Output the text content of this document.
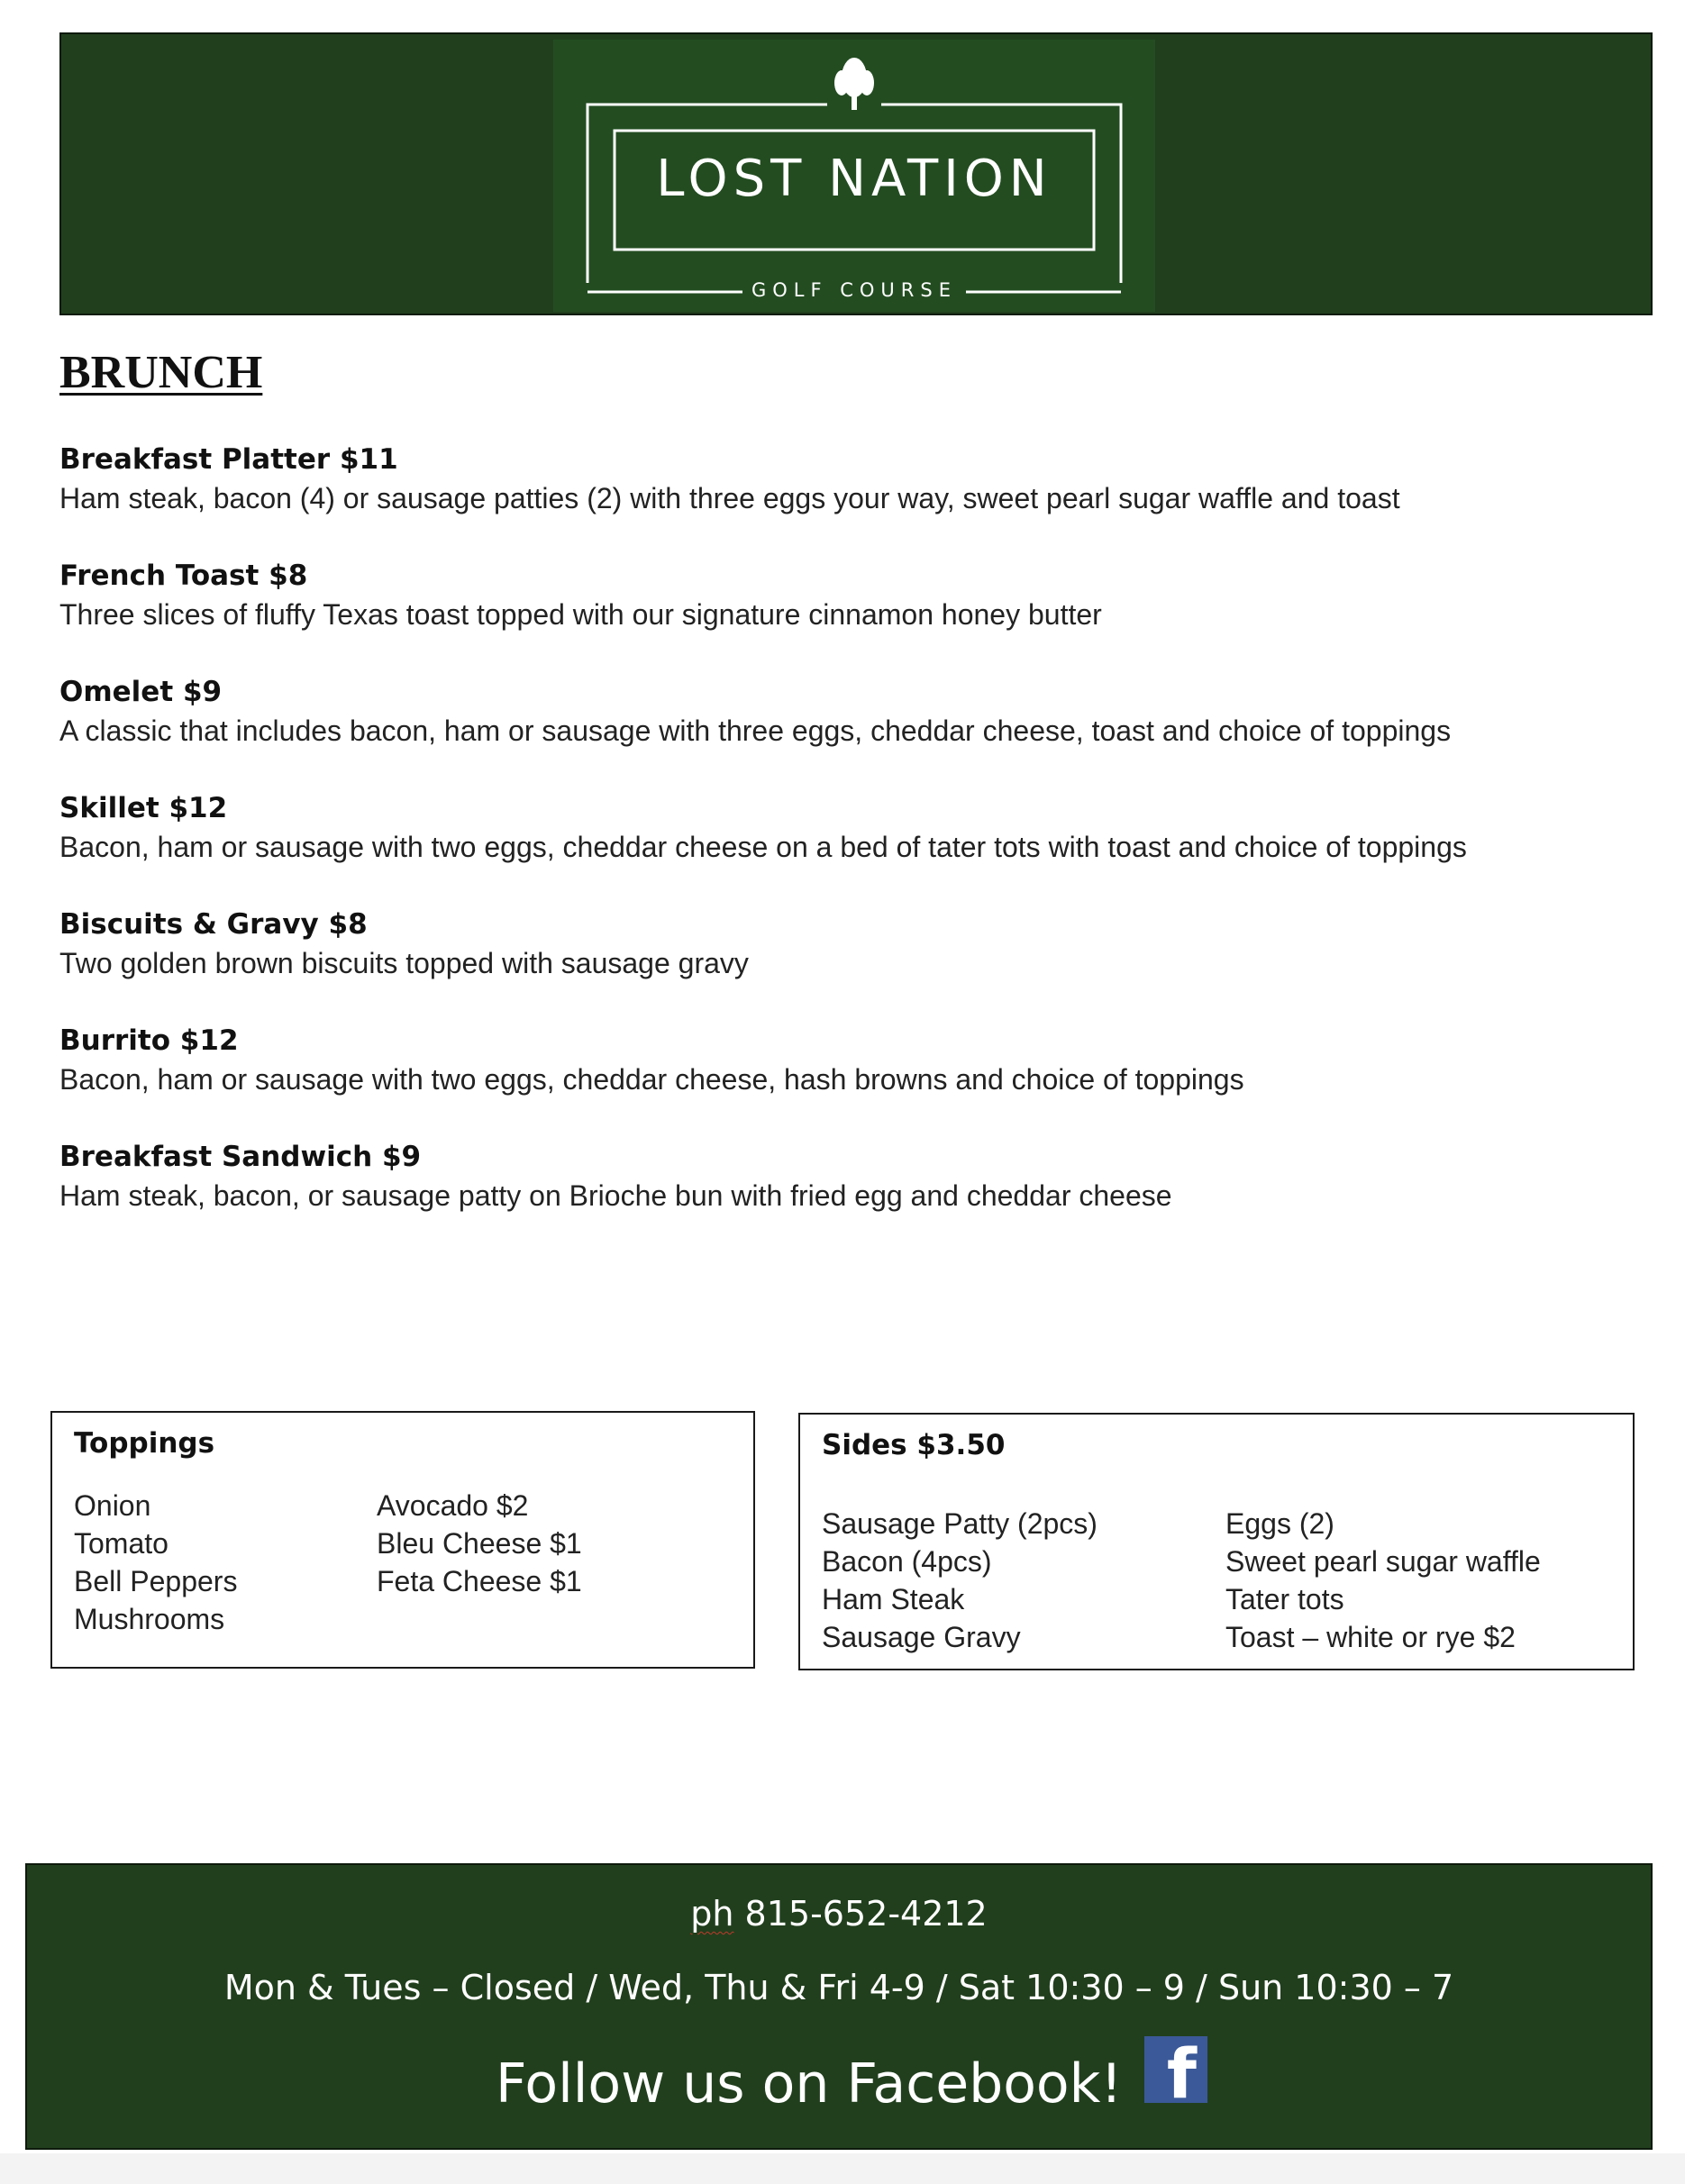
LOST NATION
GOLF COURSE
BRUNCH
Breakfast Platter $11
Ham steak, bacon (4) or sausage patties (2) with three eggs your way, sweet pearl sugar waffle and toast
French Toast $8
Three slices of fluffy Texas toast topped with our signature cinnamon honey butter
Omelet $9
A classic that includes bacon, ham or sausage with three eggs, cheddar cheese, toast and choice of toppings
Skillet $12
Bacon, ham or sausage with two eggs, cheddar cheese on a bed of tater tots with toast and choice of toppings
Biscuits & Gravy $8
Two golden brown biscuits topped with sausage gravy
Burrito $12
Bacon, ham or sausage with two eggs, cheddar cheese, hash browns and choice of toppings
Breakfast Sandwich $9
Ham steak, bacon, or sausage patty on Brioche bun with fried egg and cheddar cheese
Toppings
Onion
Tomato
Bell Peppers
Mushrooms
Avocado $2
Bleu Cheese $1
Feta Cheese $1
Sides $3.50
Sausage Patty (2pcs)
Bacon (4pcs)
Ham Steak
Sausage Gravy
Eggs (2)
Sweet pearl sugar waffle
Tater tots
Toast – white or rye $2
ph 815-652-4212
Mon & Tues – Closed / Wed, Thu & Fri 4-9 / Sat 10:30 – 9 / Sun 10:30 – 7
Follow us on Facebook! f
